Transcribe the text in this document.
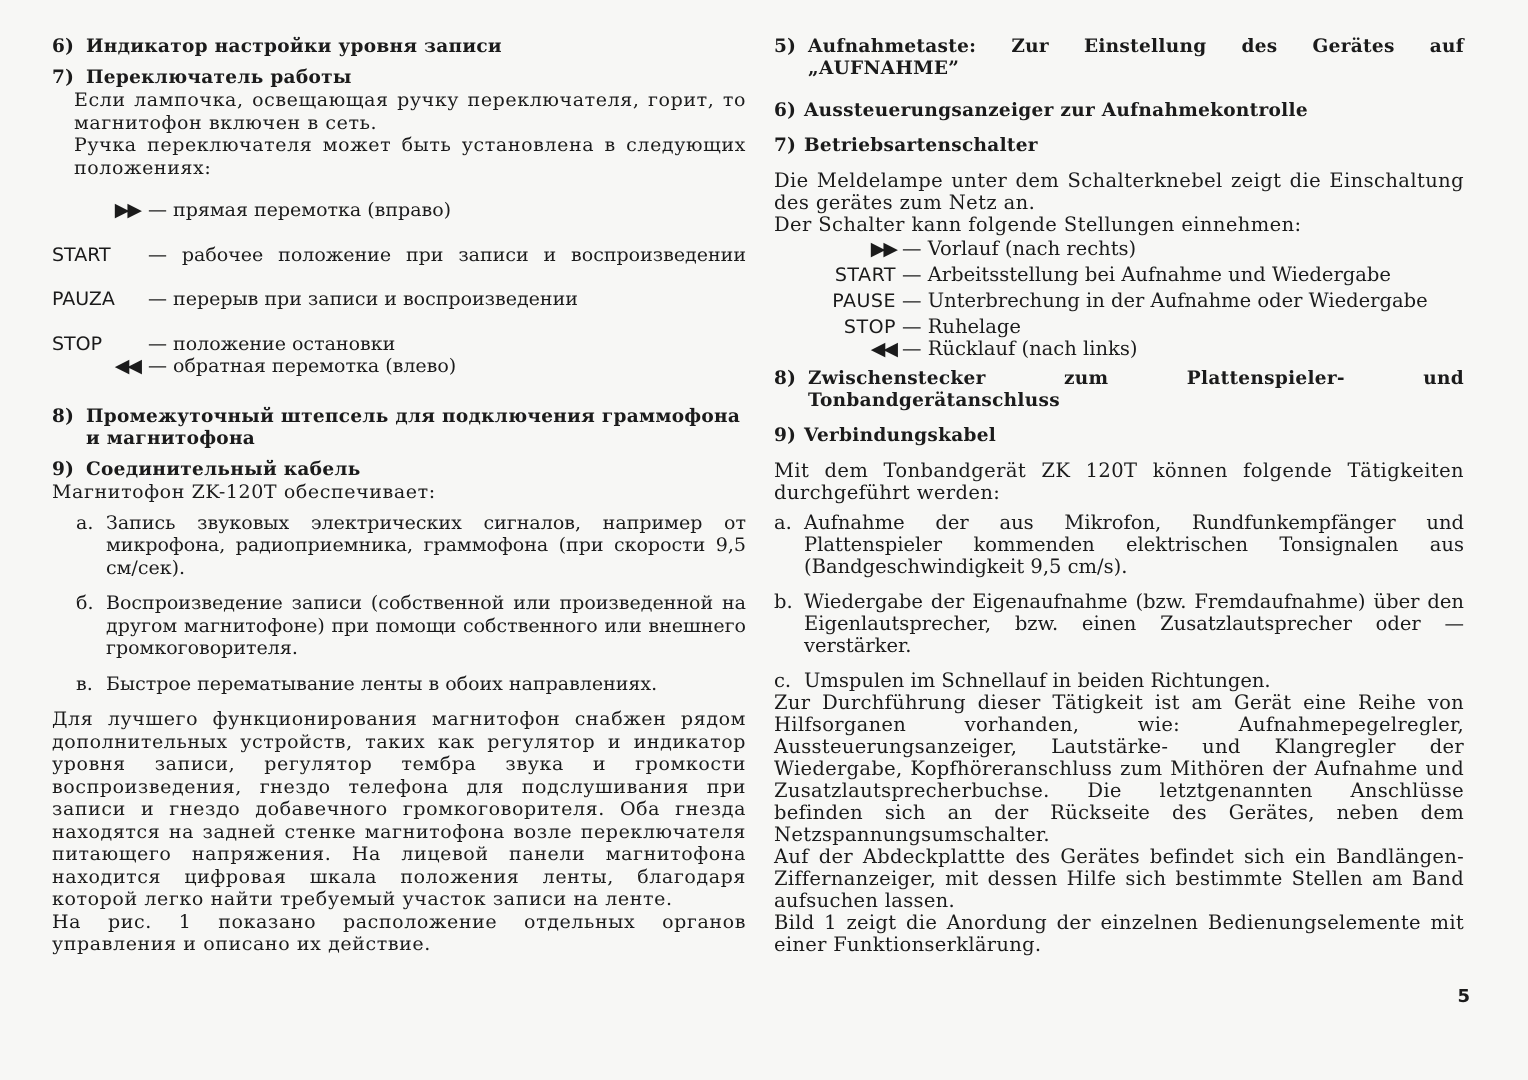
6) Индикатор настройки уровня записи

7) Переключатель работы

Если лампочка, освещающая ручку переключателя, горит, то магнитофон включен в сеть.

Ручка переключателя может быть установлена в следующих положениях:

▶▶ — прямая перемотка (вправо)

START	— рабочее положение при записи и воспроизведении

PAUZA	— перерыв при записи и воспроизведении

STOP	— положение остановки

◀◀ — обратная перемотка (влево)

8) Промежуточный штепсель для подключения граммофона и магнитофона

9) Соединительный кабель

Магнитофон ZK-120T обеспечивает:

а. Запись звуковых электрических сигналов, например от микрофона, радиоприемника, граммофона (при скорости 9,5 см/сек).
б. Воспроизведение записи (собственной или произведенной на другом магнитофоне) при помощи собственного или внешнего громкоговорителя.
в. Быстрое перематывание ленты в обоих направлениях.

Для лучшего функционирования магнитофон снабжен рядом дополнительных устройств, таких как регулятор и индикатор уровня записи, регулятор тембра звука и громкости воспроизведения, гнездо телефона для подслушивания при записи и гнездо добавечного громкоговорителя. Оба гнезда находятся на задней стенке магнитофона возле переключателя питающего напряжения. На лицевой панели магнитофона находится цифровая шкала положения ленты, благодаря которой легко найти требуемый участок записи на ленте.

На рис. 1 показано расположение отдельных органов управления и описано их действие.

5) Aufnahmetaste: Zur Einstellung des Gerätes auf „AUFNAHME”

6) Aussteuerungsanzeiger zur Aufnahmekontrolle

7) Betriebsartenschalter

Die Meldelampe unter dem Schalterknebel zeigt die Einschaltung des gerätes zum Netz an.

Der Schalter kann folgende Stellungen einnehmen:

▶▶ — Vorlauf (nach rechts)

START — Arbeitsstellung bei Aufnahme und Wiedergabe

PAUSE — Unterbrechung in der Aufnahme oder Wiedergabe

STOP — Ruhelage

◀◀ — Rücklauf (nach links)

8) Zwischenstecker zum Plattenspieler- und Tonbandgerätanschluss

9) Verbindungskabel

Mit dem Tonbandgerät ZK 120T können folgende Tätigkeiten durchgeführt werden:

a. Aufnahme der aus Mikrofon, Rundfunkempfänger und Plattenspieler kommenden elektrischen Tonsignalen aus (Bandgeschwindigkeit 9,5 cm/s).
b. Wiedergabe der Eigenaufnahme (bzw. Fremdaufnahme) über den Eigenlautsprecher, bzw. einen Zusatzlautsprecher oder — verstärker.
c. Umspulen im Schnellauf in beiden Richtungen.

Zur Durchführung dieser Tätigkeit ist am Gerät eine Reihe von Hilfsorganen vorhanden, wie: Aufnahmepegelregler, Aussteuerungsanzeiger, Lautstärke- und Klangregler der Wiedergabe, Kopfhöreranschluss zum Mithören der Aufnahme und Zusatzlautsprecherbuchse. Die letztgenannten Anschlüsse befinden sich an der Rückseite des Gerätes, neben dem Netzspannungsumschalter.

Auf der Abdeckplattte des Gerätes befindet sich ein Bandlängen-Ziffernanzeiger, mit dessen Hilfe sich bestimmte Stellen am Band aufsuchen lassen.

Bild 1 zeigt die Anordung der einzelnen Bedienungselemente mit einer Funktionserklärung.

5
